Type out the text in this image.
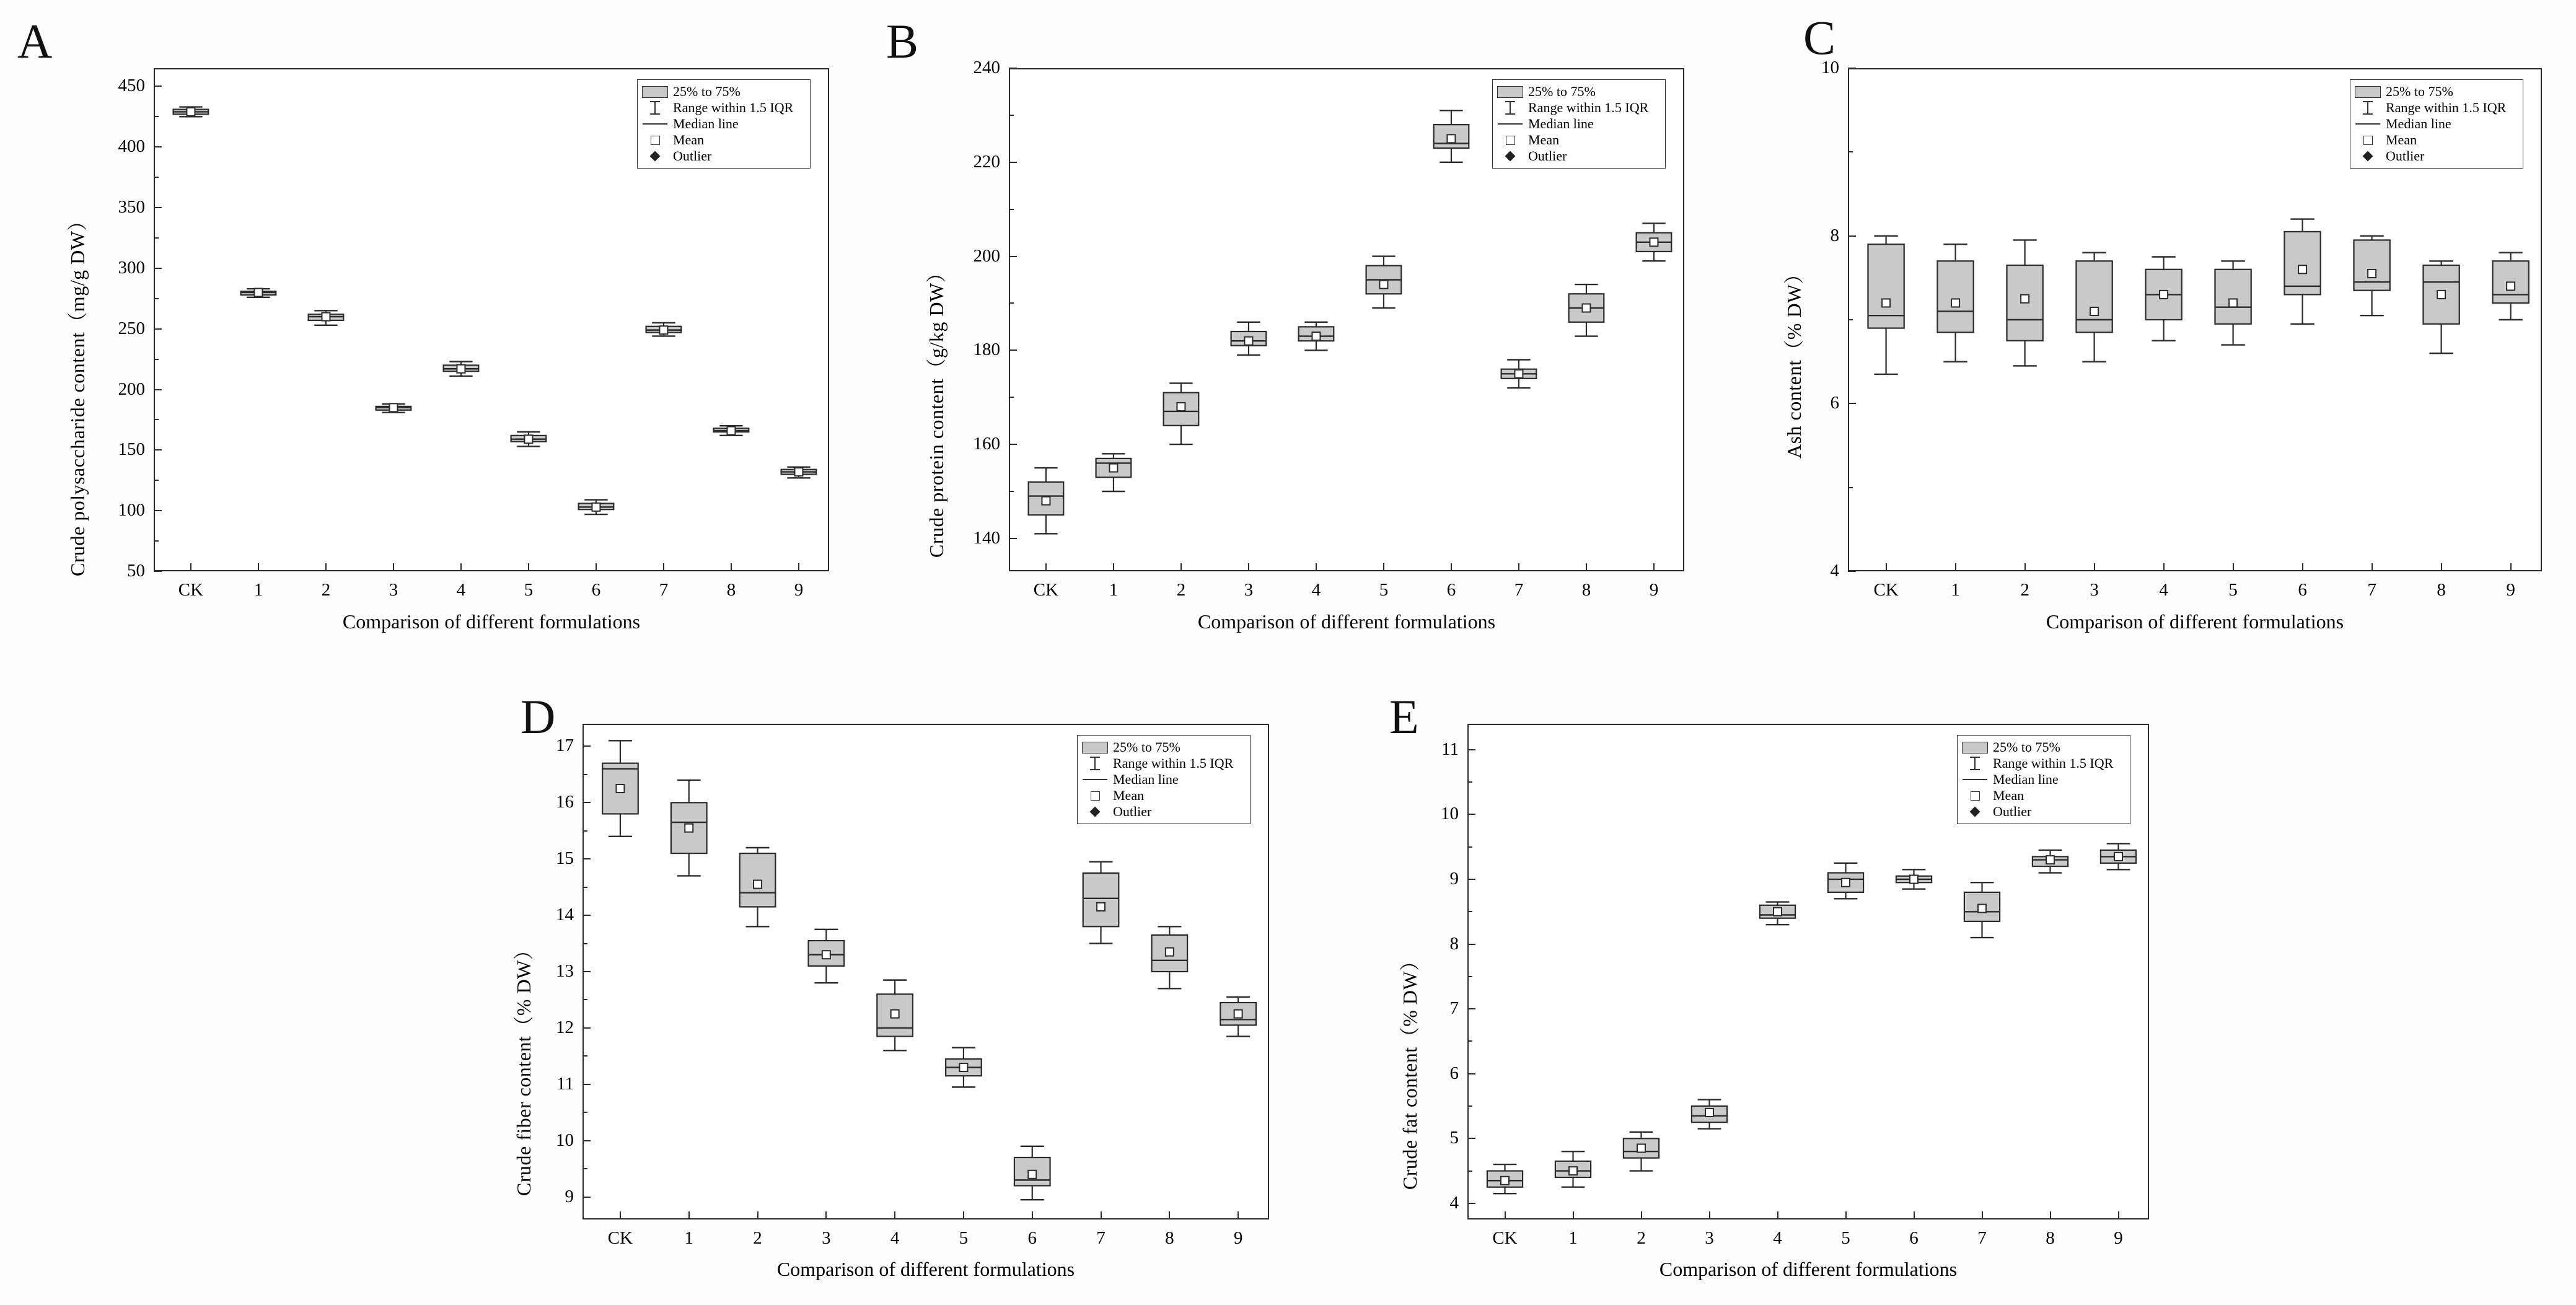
A
Crude polysaccharide content（mg/g DW）
Comparison of different formulations
25% to 75%
Range within 1.5 IQR
Median line
Mean
Outlier
B
Crude protein content（g/kg DW）
Comparison of different formulations
25% to 75%
Range within 1.5 IQR
Median line
Mean
Outlier
C
Ash content（% DW）
Comparison of different formulations
25% to 75%
Range within 1.5 IQR
Median line
Mean
Outlier
D
Crude fiber content（% DW）
Comparison of different formulations
25% to 75%
Range within 1.5 IQR
Median line
Mean
Outlier
E
Crude fat content（% DW）
Comparison of different formulations
25% to 75%
Range within 1.5 IQR
Median line
Mean
Outlier
50
100
150
200
250
300
350
400
450
CK	1	2	3	4	5	6	7	8	9
140
160
180
200
220
240
CK	1	2	3	4	5	6	7	8	9
4
6
8
10
CK	1	2	3	4	5	6	7	8	9
9
10
11
12
13
14
15
16
17
CK	1	2	3	4	5	6	7	8	9
4
5
6
7
8
9
10
11
CK	1	2	3	4	5	6	7	8	9
